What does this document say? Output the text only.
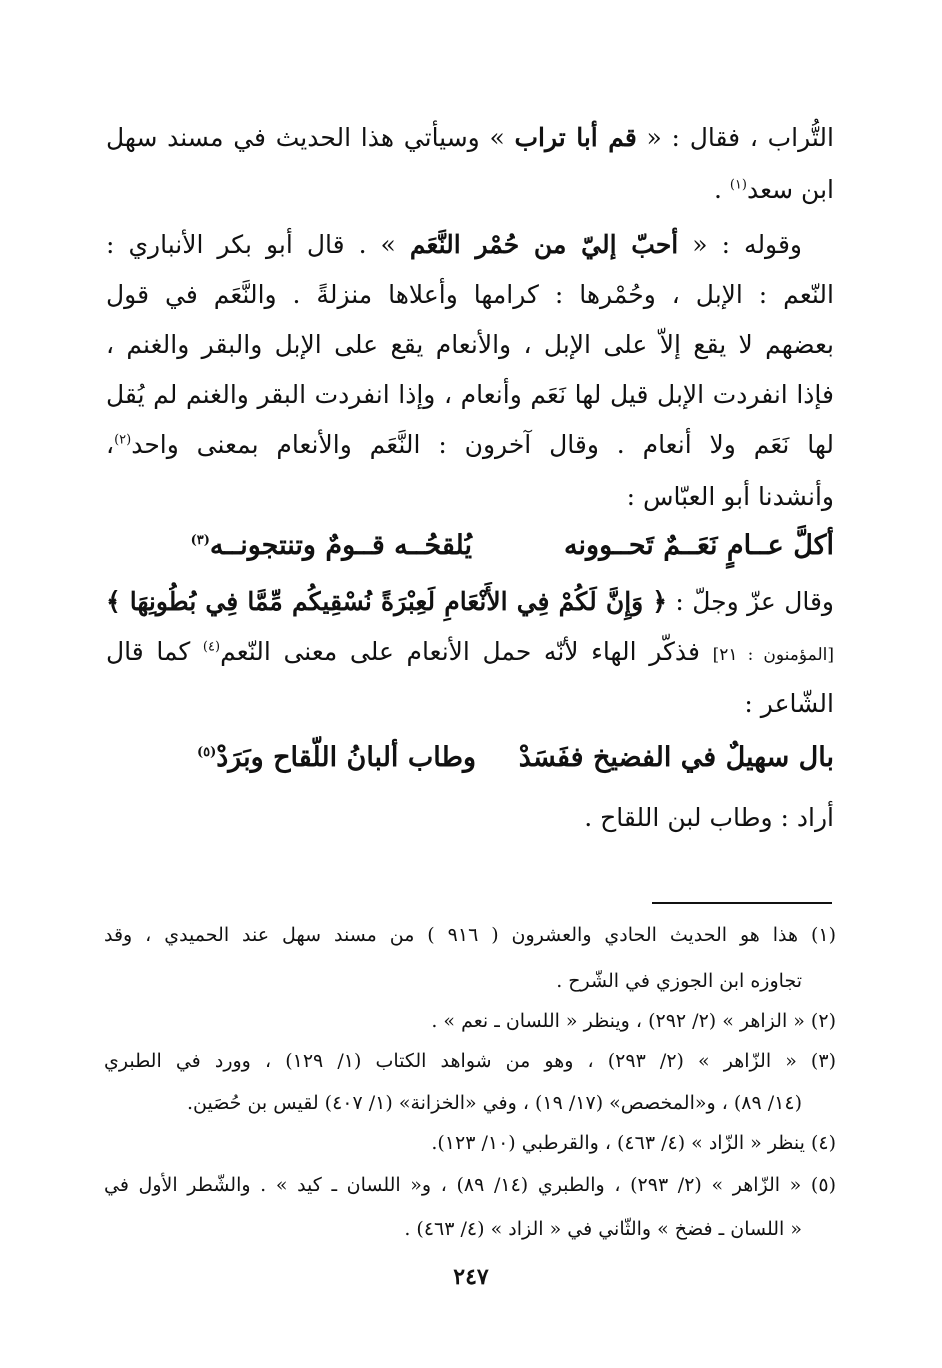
التُّراب ، فقال : « قم أبا تراب » وسيأتي هذا الحديث في مسند سهل
ابن سعد$^{(١)}$ .
وقوله : « أحبّ إليّ من حُمْر النَّعَم » . قال أبو بكر الأنباري :
النّعم : الإبل ، وحُمْرها : كرامها وأعلاها منزلةً . والنَّعَم في قول
بعضهم لا يقع إلاّ على الإبل ، والأنعام يقع على الإبل والبقر والغنم ،
فإذا انفردت الإبل قيل لها نَعَم وأنعام ، وإذا انفردت البقر والغنم لم يُقل
لها نَعَم ولا أنعام . وقال آخرون : النَّعَم والأنعام بمعنى واحد$^{(٢)}$،
وأنشدنا أبو العبّاس :
أكلَّ عــامٍ نَعَــمٌ تَحــوونه
يُلقحُــه قــومٌ وتنتجونــه$^{(٣)}$
وقال عزّ وجلّ : ﴿ وَإِنَّ لَكُمْ فِي الأَنْعَامِ لَعِبْرَةً نُسْقِيكُم مِّمَّا فِي بُطُونِهَا ﴾
[المؤمنون : ٢١] فذكّر الهاء لأنّه حمل الأنعام على معنى النّعم$^{(٤)}$ كما قال
الشّاعر :
بال سهيلٌ في الفضيخ ففَسَدْ
وطاب ألبانُ اللّقاح وبَرَدْ$^{(٥)}$
أراد : وطاب لبن اللقاح .
(١) هذا هو الحديث الحادي والعشرون ( ٩١٦ ) من مسند سهل عند الحميدي ، وقد
تجاوزه ابن الجوزي في الشّرح .
(٢) « الزاهر » (٢/ ٢٩٢) ، وينظر « اللسان ـ نعم » .
(٣) « الزّاهر » (٢/ ٢٩٣) ، وهو من شواهد الكتاب (١/ ١٢٩) ، وورد في الطبري
(١٤/ ٨٩) ، و«المخصص» (١٧/ ١٩) ، وفي «الخزانة» (١/ ٤٠٧) لقيس بن حُصَين.
(٤) ينظر « الزّاد » (٤/ ٤٦٣) ، والقرطبي (١٠/ ١٢٣).
(٥) « الزّاهر » (٢/ ٢٩٣) ، والطبري (١٤/ ٨٩) ، و« اللسان ـ كيد » . والشّطر الأول في
« اللسان ـ فضخ » والثّاني في « الزاد » (٤/ ٤٦٣) .
٢٤٧
